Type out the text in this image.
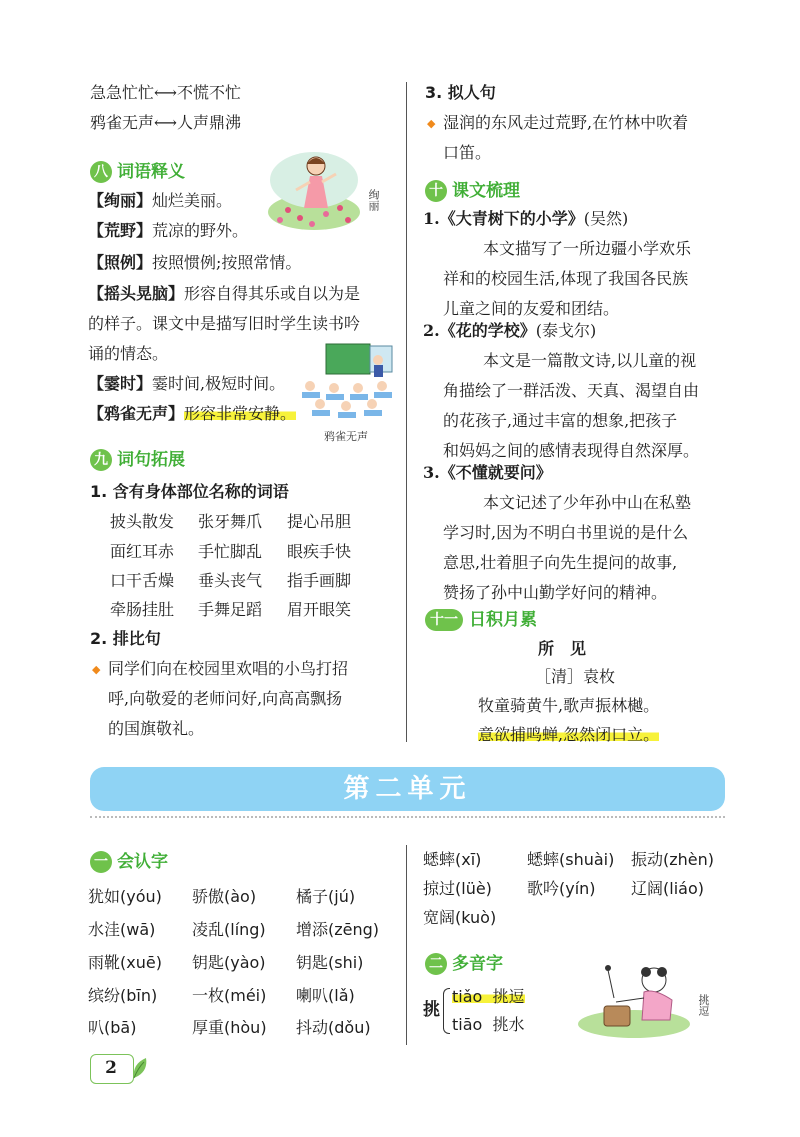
急急忙忙⟷不慌不忙
鸦雀无声⟷人声鼎沸
八 词语释义
【绚丽】灿烂美丽。
【荒野】荒凉的野外。
【照例】按照惯例;按照常情。
【摇头晃脑】形容自得其乐或自以为是
的样子。课文中是描写旧时学生读书吟
诵的情态。
【霎时】霎时间,极短时间。
【鸦雀无声】形容非常安静。
绚丽
鸦雀无声
九 词句拓展
1. 含有身体部位名称的词语
披头散发 张牙舞爪 提心吊胆
面红耳赤 手忙脚乱 眼疾手快
口干舌燥 垂头丧气 指手画脚
牵肠挂肚 手舞足蹈 眉开眼笑
2. 排比句
◆ 同学们向在校园里欢唱的小鸟打招
呼,向敬爱的老师问好,向高高飘扬
的国旗敬礼。
3. 拟人句
◆ 湿润的东风走过荒野,在竹林中吹着
口笛。
十 课文梳理
1.《大青树下的小学》(吴然)
本文描写了一所边疆小学欢乐
祥和的校园生活,体现了我国各民族
儿童之间的友爱和团结。
2.《花的学校》(泰戈尔)
本文是一篇散文诗,以儿童的视
角描绘了一群活泼、天真、渴望自由
的花孩子,通过丰富的想象,把孩子
和妈妈之间的感情表现得自然深厚。
3.《不懂就要问》
本文记述了少年孙中山在私塾
学习时,因为不明白书里说的是什么
意思,壮着胆子向先生提问的故事,
赞扬了孙中山勤学好问的精神。
十一 日积月累
所　见
［清］袁枚
牧童骑黄牛,歌声振林樾。
意欲捕鸣蝉,忽然闭口立。
第二单元
一 会认字
犹如(yóu) 骄傲(ào) 橘子(jú)
水洼(wā) 凌乱(líng) 增添(zēng)
雨靴(xuē) 钥匙(yào) 钥匙(shi)
缤纷(bīn) 一枚(méi) 喇叭(lǎ)
叭(bā)	厚重(hòu) 抖动(dǒu)
蟋蟀(xī)	蟋蟀(shuài) 振动(zhèn)
掠过(lüè) 歌吟(yín) 辽阔(liáo)
宽阔(kuò)
二 多音字
挑
tiǎo 挑逗
tiāo 挑水
挑逗
2
